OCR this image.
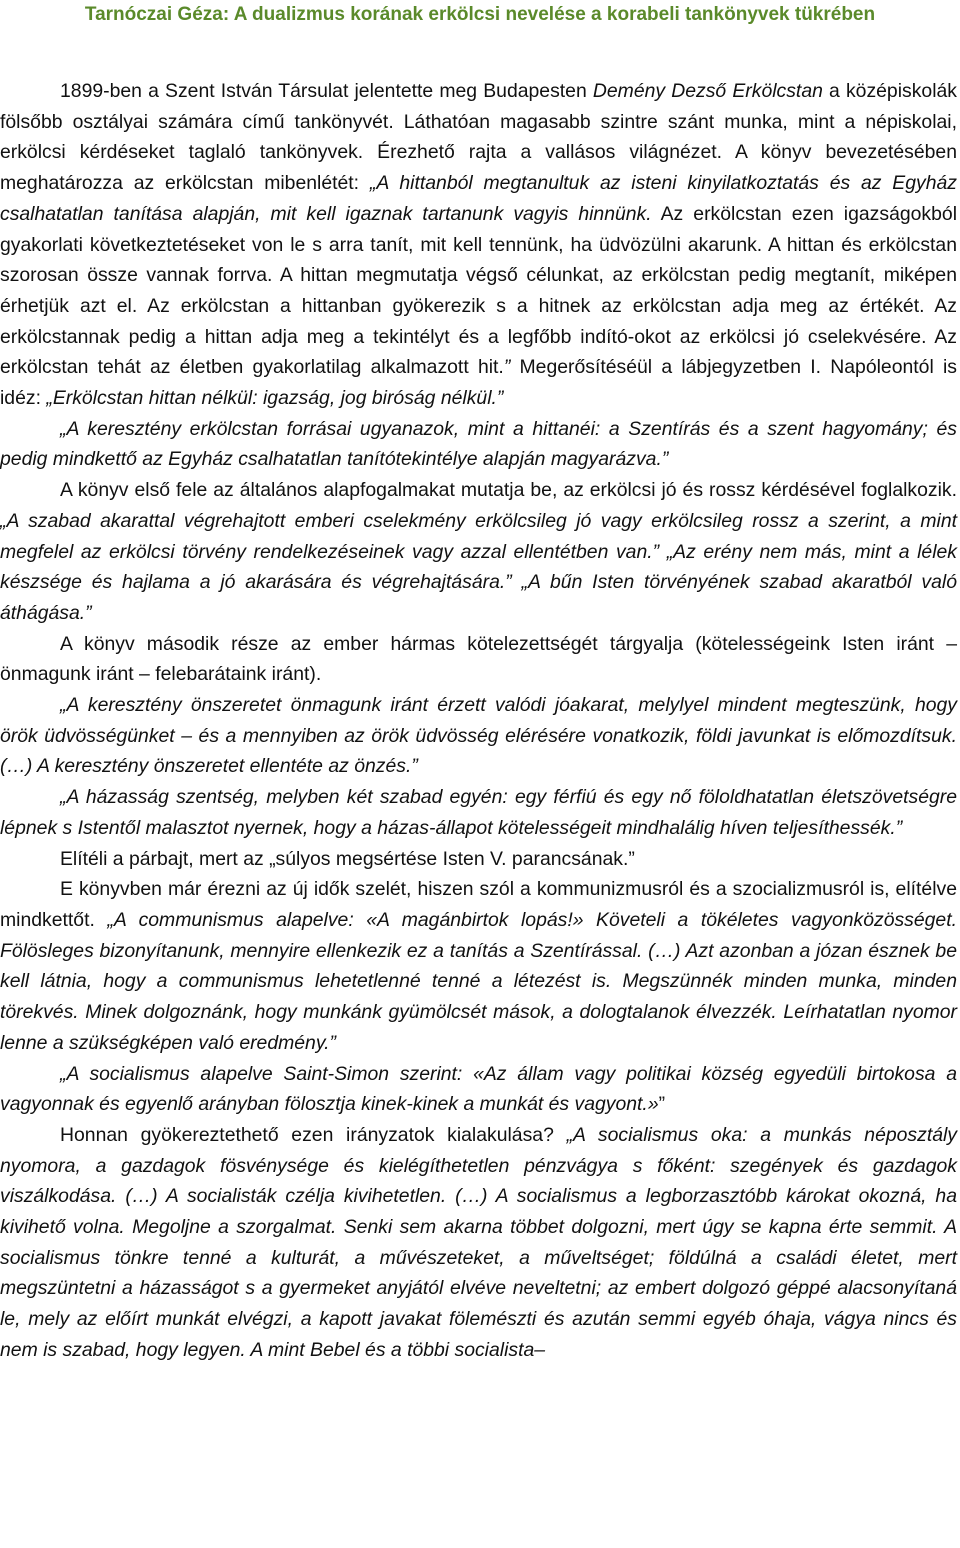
Tarnóczai Géza: A dualizmus korának erkölcsi nevelése a korabeli tankönyvek tükrében

1899-ben a Szent István Társulat jelentette meg Budapesten Demény Dezső Erkölcstan a középiskolák fölsőbb osztályai számára című tankönyvét. Láthatóan magasabb szintre szánt munka, mint a népiskolai, erkölcsi kérdéseket taglaló tankönyvek. Érezhető rajta a vallásos világnézet. A könyv bevezetésében meghatározza az erkölcstan mibenlétét: „A hittanból megtanultuk az isteni kinyilatkoztatás és az Egyház csalhatatlan tanítása alapján, mit kell igaznak tartanunk vagyis hinnünk. Az erkölcstan ezen igazságokból gyakorlati következtetéseket von le s arra tanít, mit kell tennünk, ha üdvözülni akarunk. A hittan és erkölcstan szorosan össze vannak forrva. A hittan megmutatja végső célunkat, az erkölcstan pedig megtanít, miképen érhetjük azt el. Az erkölcstan a hittanban gyökerezik s a hitnek az erkölcstan adja meg az értékét. Az erkölcstannak pedig a hittan adja meg a tekintélyt és a legfőbb indító-okot az erkölcsi jó cselekvésére. Az erkölcstan tehát az életben gyakorlatilag alkalmazott hit.” Megerősítéséül a lábjegyzetben I. Napóleontól is idéz: „Erkölcstan hittan nélkül: igazság, jog biróság nélkül.”

„A keresztény erkölcstan forrásai ugyanazok, mint a hittanéi: a Szentírás és a szent hagyomány; és pedig mindkettő az Egyház csalhatatlan tanítótekintélye alapján magyarázva.”

A könyv első fele az általános alapfogalmakat mutatja be, az erkölcsi jó és rossz kérdésével foglalkozik. „A szabad akarattal végrehajtott emberi cselekmény erkölcsileg jó vagy erkölcsileg rossz a szerint, a mint megfelel az erkölcsi törvény rendelkezéseinek vagy azzal ellentétben van.” „Az erény nem más, mint a lélek készsége és hajlama a jó akarására és végrehajtására.” „A bűn Isten törvényének szabad akaratból való áthágása.”

A könyv második része az ember hármas kötelezettségét tárgyalja (kötelességeink Isten iránt – önmagunk iránt – felebarátaink iránt).

„A keresztény önszeretet önmagunk iránt érzett valódi jóakarat, melylyel mindent megteszünk, hogy örök üdvösségünket – és a mennyiben az örök üdvösség elérésére vonatkozik, földi javunkat is előmozdítsuk. (…) A keresztény önszeretet ellentéte az önzés.”

„A házasság szentség, melyben két szabad egyén: egy férfiú és egy nő föloldhatatlan életszövetségre lépnek s Istentől malasztot nyernek, hogy a házas-állapot kötelességeit mindhalálig híven teljesíthessék.”

Elítéli a párbajt, mert az „súlyos megsértése Isten V. parancsának.”

E könyvben már érezni az új idők szelét, hiszen szól a kommunizmusról és a szocializmusról is, elítélve mindkettőt. „A communismus alapelve: «A magánbirtok lopás!» Követeli a tökéletes vagyonközösséget. Fölösleges bizonyítanunk, mennyire ellenkezik ez a tanítás a Szentírással. (…) Azt azonban a józan észnek be kell látnia, hogy a communismus lehetetlenné tenné a létezést is. Megszünnék minden munka, minden törekvés. Minek dolgoznánk, hogy munkánk gyümölcsét mások, a dologtalanok élvezzék. Leírhatatlan nyomor lenne a szükségképen való eredmény.”

„A socialismus alapelve Saint-Simon szerint: «Az állam vagy politikai község egyedüli birtokosa a vagyonnak és egyenlő arányban fölosztja kinek-kinek a munkát és vagyont.»”

Honnan gyökereztethető ezen irányzatok kialakulása? „A socialismus oka: a munkás néposztály nyomora, a gazdagok fösvénysége és kielégíthetetlen pénzvágya s főként: szegények és gazdagok viszálkodása. (…) A socialisták czélja kivihetetlen. (…) A socialismus a legborzasztóbb károkat okozná, ha kivihető volna. Megoljne a szorgalmat. Senki sem akarna többet dolgozni, mert úgy se kapna érte semmit. A socialismus tönkre tenné a kulturát, a művészeteket, a műveltséget; földúlná a családi életet, mert megszüntetni a házasságot s a gyermeket anyjától elvéve neveltetni; az embert dolgozó géppé alacsonyítaná le, mely az előírt munkát elvégzi, a kapott javakat fölemészti és azután semmi egyéb óhaja, vágya nincs és nem is szabad, hogy legyen. A mint Bebel és a többi socialista–
